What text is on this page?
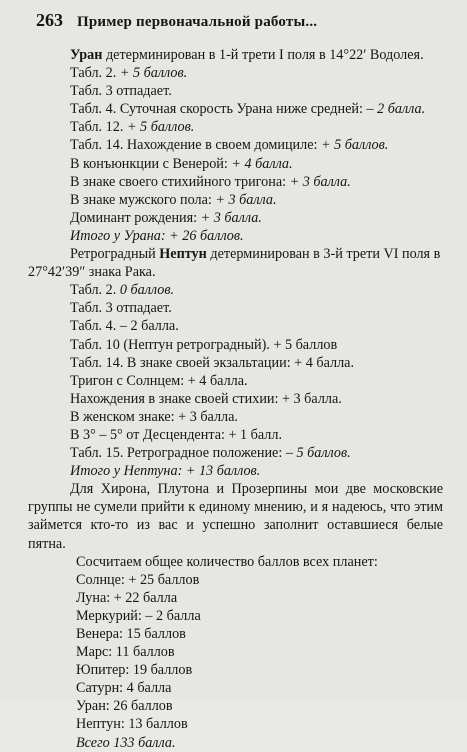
263 Пример первоначальной работы...
Уран детерминирован в 1-й трети I поля в 14°22′ Водолея.
Табл. 2. + 5 баллов.
Табл. 3 отпадает.
Табл. 4. Суточная скорость Урана ниже средней: – 2 балла.
Табл. 12. + 5 баллов.
Табл. 14. Нахождение в своем домициле: + 5 баллов.
В конъюнкции с Венерой: + 4 балла.
В знаке своего стихийного тригона: + 3 балла.
В знаке мужского пола: + 3 балла.
Доминант рождения: + 3 балла.
Итого у Урана: + 26 баллов.
Ретроградный Нептун детерминирован в 3-й трети VI поля в
27°42′39″ знака Рака.
Табл. 2. 0 баллов.
Табл. 3 отпадает.
Табл. 4. – 2 балла.
Табл. 10 (Нептун ретроградный). + 5 баллов
Табл. 14. В знаке своей экзальтации: + 4 балла.
Тригон с Солнцем: + 4 балла.
Нахождения в знаке своей стихии: + 3 балла.
В женском знаке: + 3 балла.
В 3° – 5° от Десцендента: + 1 балл.
Табл. 15. Ретроградное положение: – 5 баллов.
Итого у Нептуна: + 13 баллов.
Для Хирона, Плутона и Прозерпины мои две московские группы не сумели прийти к единому мнению, и я надеюсь, что этим займется кто-то из вас и успешно заполнит оставшиеся белые пятна.
Сосчитаем общее количество баллов всех планет:
Солнце: + 25 баллов
Луна: + 22 балла
Меркурий: – 2 балла
Венера: 15 баллов
Марс: 11 баллов
Юпитер: 19 баллов
Сатурн: 4 балла
Уран: 26 баллов
Нептун: 13 баллов
Всего 133 балла.
